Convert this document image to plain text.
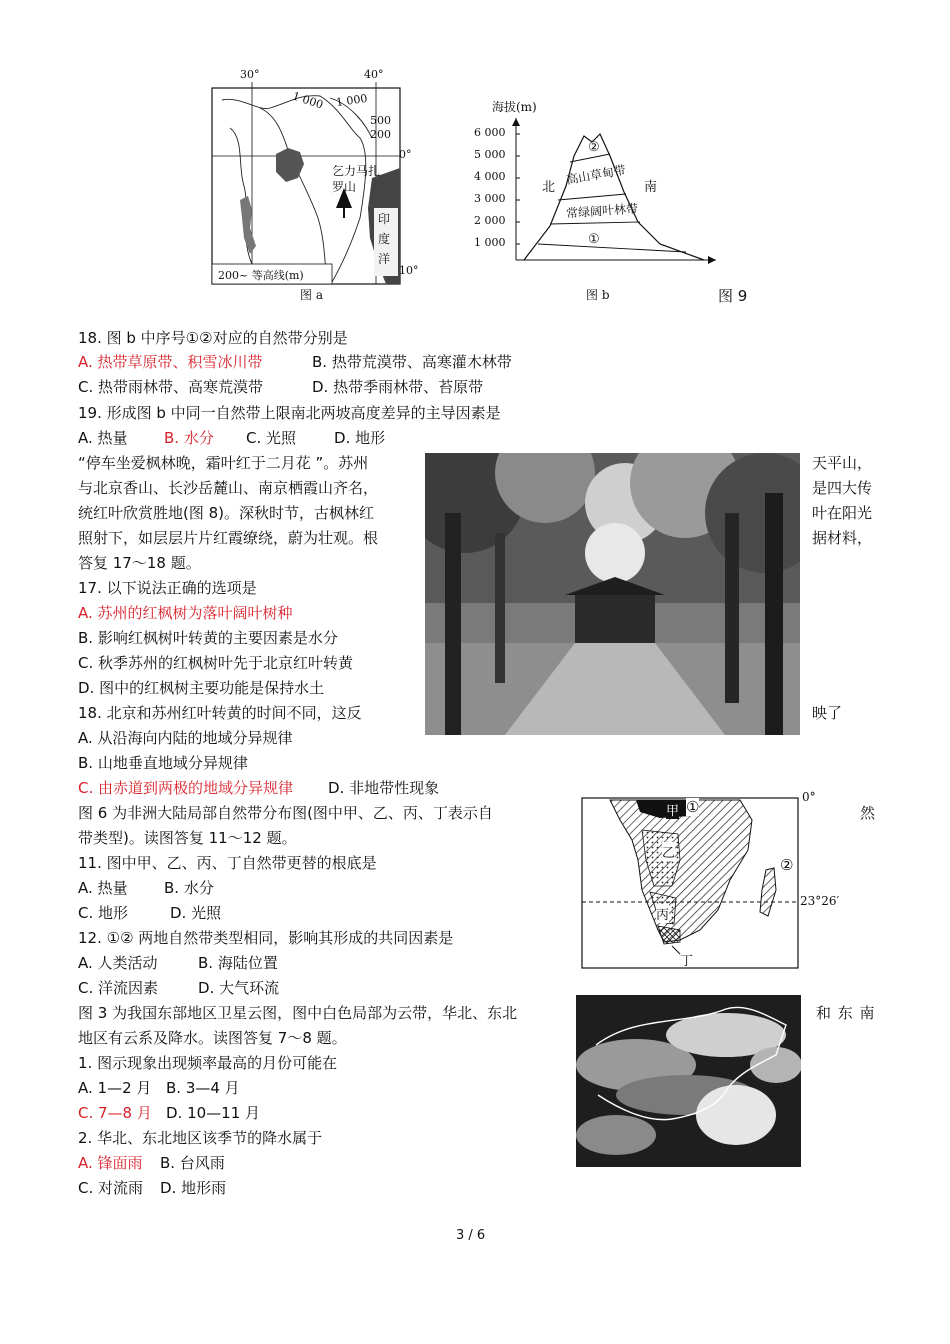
30°	40°
0°
10°
1 000 1 000
500
200
乞力马扎
罗山
印
度
洋
200~ 等高线(m)
图 a
海拔(m)
6 000
5 000
4 000
3 000
2 000
1 000
北	南
高山草甸带
常绿阔叶林带
②
①
图 b	图 9
18. 图 b 中序号①②对应的自然带分别是
A. 热带草原带、积雪冰川带	B. 热带荒漠带、高寒灌木林带
C. 热带雨林带、高寒荒漠带	D. 热带季雨林带、苔原带
19. 形成图 b 中同一自然带上限南北两坡高度差异的主导因素是
A. 热量 B. 水分 C. 光照	D. 地形
“停车坐爱枫林晚，霜叶红于二月花 ”。苏州	天平山，
与北京香山、长沙岳麓山、南京栖霞山齐名，	是四大传
统红叶欣赏胜地(图 8)。深秋时节，古枫林红	叶在阳光
照射下，如层层片片红霞缭绕，蔚为壮观。根	据材料，
答复 17～18 题。
17. 以下说法正确的选项是
A. 苏州的红枫树为落叶阔叶树种
B. 影响红枫树叶转黄的主要因素是水分
C. 秋季苏州的红枫树叶先于北京红叶转黄
D. 图中的红枫树主要功能是保持水土
18. 北京和苏州红叶转黄的时间不同，这反	映了
A. 从沿海向内陆的地域分异规律
B. 山地垂直地域分异规律
C. 由赤道到两极的地域分异规律 D. 非地带性现象
图 6 为非洲大陆局部自然带分布图(图中甲、乙、丙、丁表示自	然
带类型)。读图答复 11～12 题。
0°
23°26′
甲 ①
乙
②
丙
丁
11. 图中甲、乙、丙、丁自然带更替的根底是
A. 热量 B. 水分
C. 地形	D. 光照
12. ①② 两地自然带类型相同，影响其形成的共同因素是
A. 人类活动	B. 海陆位置
C. 洋流因素	D. 大气环流
图 3 为我国东部地区卫星云图，图中白色局部为云带，华北、东北	和 东 南
地区有云系及降水。读图答复 7～8 题。
1. 图示现象出现频率最高的月份可能在
A. 1—2 月 B. 3—4 月
C. 7—8 月 D. 10—11 月
2. 华北、东北地区该季节的降水属于
A. 锋面雨 B. 台风雨
C. 对流雨 D. 地形雨
3 / 6
